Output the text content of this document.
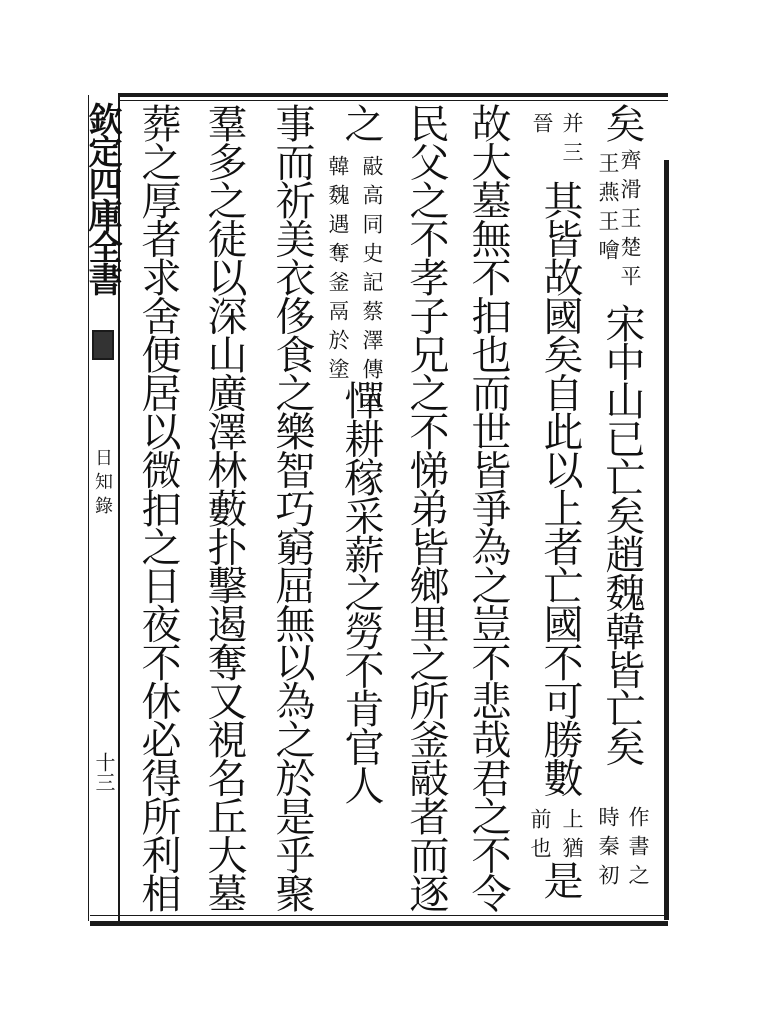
欽定四庫全書
日知錄
十三
矣
齊滑王楚平
王燕王噲
宋中山已亡矣趙魏韓皆亡矣
作書之
時秦初
并三
晉
其皆故國矣自此以上者亡國不可勝數
上猶
前也
是
故大墓無不抇也而世皆爭為之豈不悲哉君之不令
民父之不孝子兄之不悌弟皆鄉里之所釜䰙者而逐
之
䰙高同史記蔡澤傳入
韓魏遇奪釜鬲於塗
憚耕稼采薪之勞不肯官人
事而祈美衣侈食之樂智巧窮屈無以為之於是乎聚
羣多之徒以深山廣澤林藪扑擊遏奪又視名丘大墓
葬之厚者求舍便居以微抇之日夜不休必得所利相
